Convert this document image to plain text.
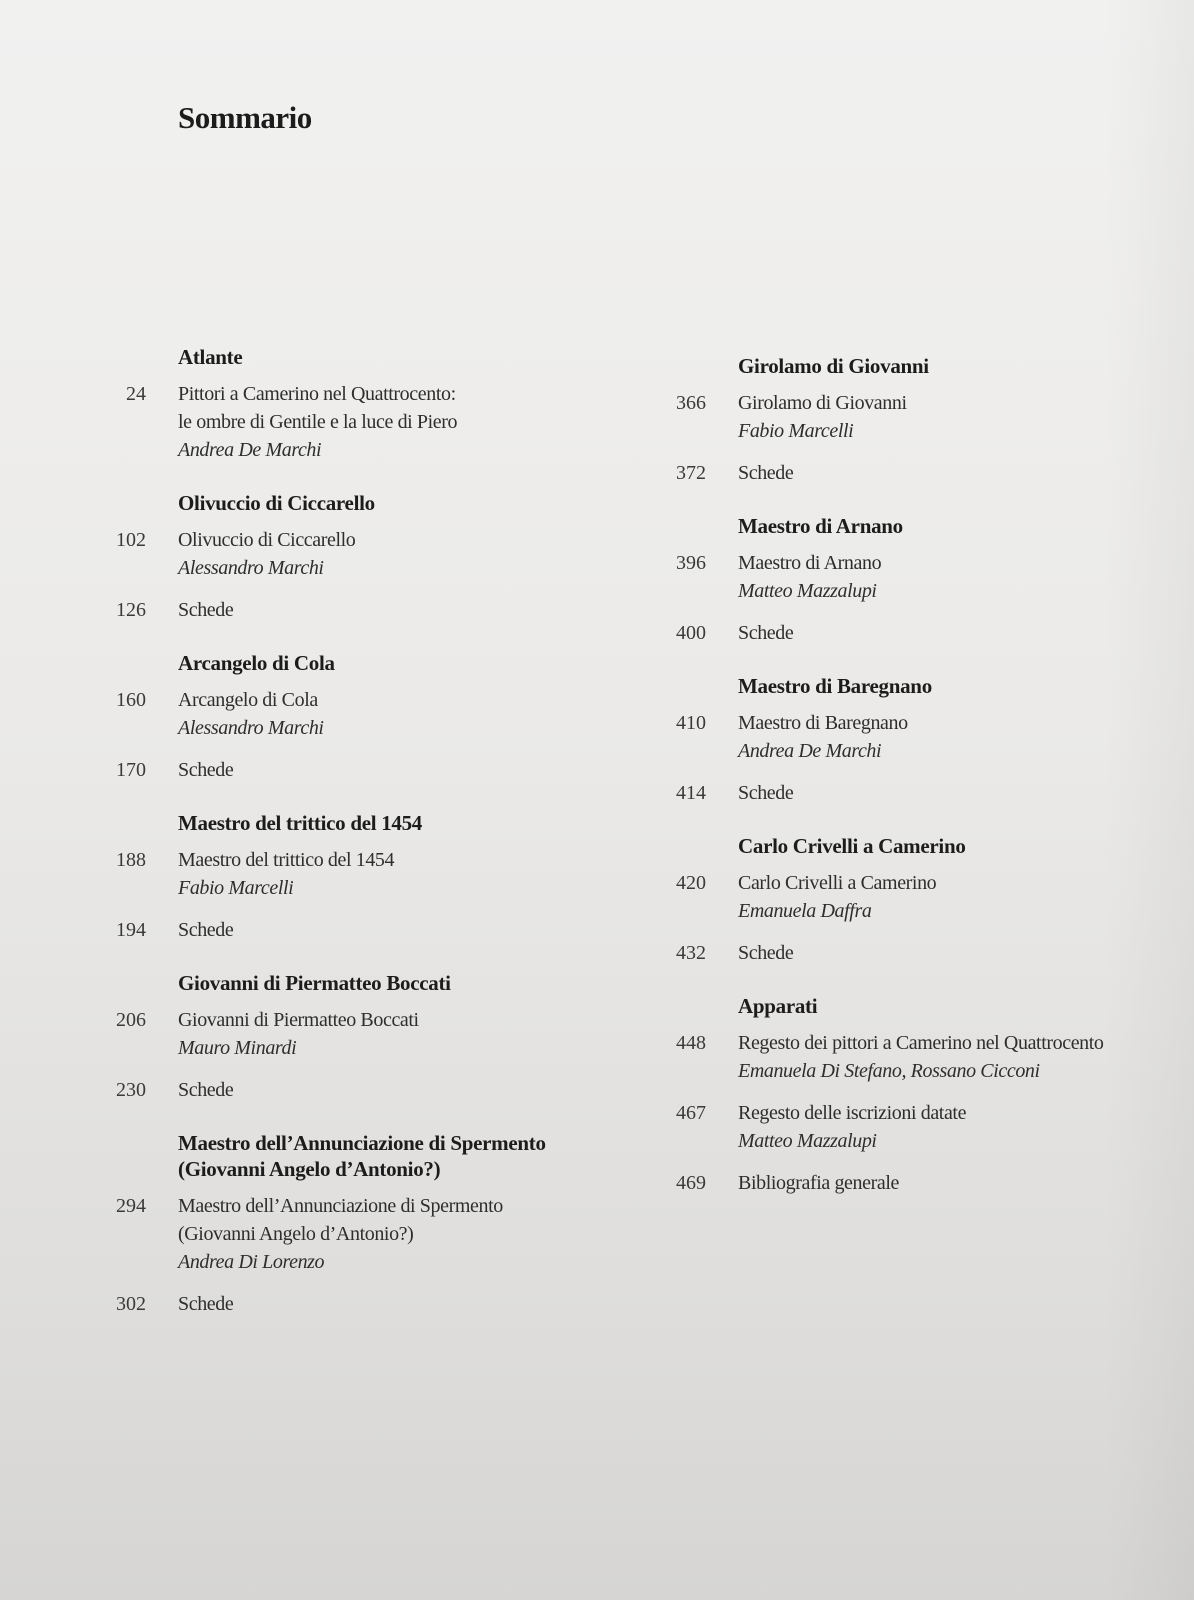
Sommario
Atlante
24 Pittori a Camerino nel Quattrocento:
le ombre di Gentile e la luce di Piero
Andrea De Marchi
Olivuccio di Ciccarello
102 Olivuccio di Ciccarello
Alessandro Marchi
126 Schede
Arcangelo di Cola
160 Arcangelo di Cola
Alessandro Marchi
170 Schede
Maestro del trittico del 1454
188 Maestro del trittico del 1454
Fabio Marcelli
194 Schede
Giovanni di Piermatteo Boccati
206 Giovanni di Piermatteo Boccati
Mauro Minardi
230 Schede
Maestro dell’Annunciazione di Spermento
(Giovanni Angelo d’Antonio?)
294 Maestro dell’Annunciazione di Spermento
(Giovanni Angelo d’Antonio?)
Andrea Di Lorenzo
302 Schede
Girolamo di Giovanni
366 Girolamo di Giovanni
Fabio Marcelli
372 Schede
Maestro di Arnano
396 Maestro di Arnano
Matteo Mazzalupi
400 Schede
Maestro di Baregnano
410 Maestro di Baregnano
Andrea De Marchi
414 Schede
Carlo Crivelli a Camerino
420 Carlo Crivelli a Camerino
Emanuela Daffra
432 Schede
Apparati
448 Regesto dei pittori a Camerino nel Quattrocento
Emanuela Di Stefano, Rossano Cicconi
467 Regesto delle iscrizioni datate
Matteo Mazzalupi
469 Bibliografia generale
